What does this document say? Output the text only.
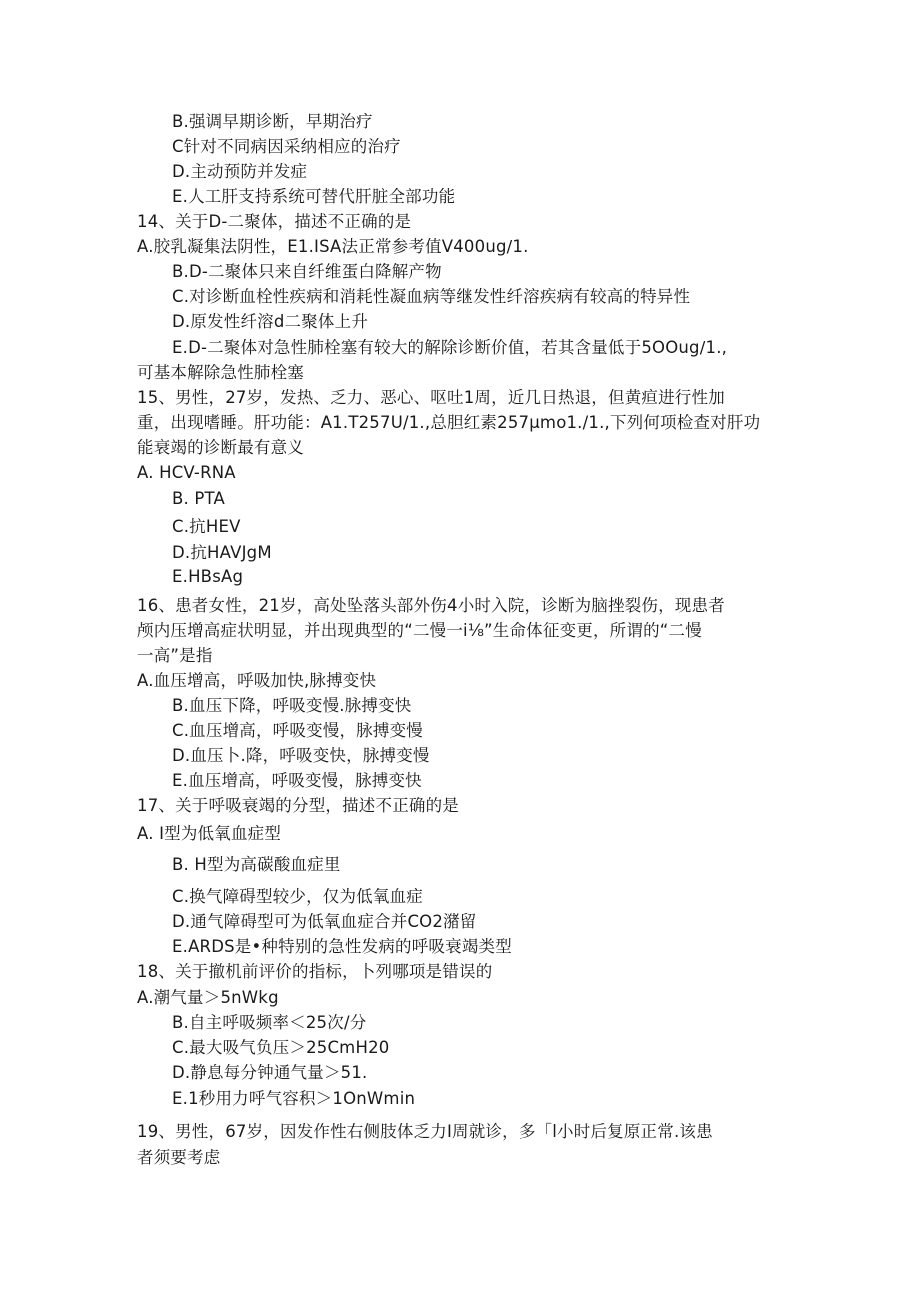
B.强调早期诊断，早期治疗
C针对不同病因采纳相应的治疗
D.主动预防并发症
E.人工肝支持系统可替代肝脏全部功能
14、关于D-二聚体，描述不正确的是
A.胶乳凝集法阴性，E1.ISA法正常参考值V400ug∕1.
B.D-二聚体只来自纤维蛋白降解产物
C.对诊断血栓性疾病和消耗性凝血病等继发性纤溶疾病有较高的特异性
D.原发性纤溶d二聚体上升
E.D-二聚体对急性肺栓塞有较大的解除诊断价值，若其含量低于5OOug∕1.,
可基本解除急性肺栓塞
15、男性，27岁，发热、乏力、恶心、呕吐1周，近几日热退，但黄疸进行性加
重，出现嗜睡。肝功能：A1.T257U/1.,总胆红素257μmo1./1.,下列何项检查对肝功
能衰竭的诊断最有意义
A. HCV-RNA
B. PTA
C.抗HEV
D.抗HAVJgM
E.HBsAg
16、患者女性，21岁，高处坠落头部外伤4小时入院，诊断为脑挫裂伤，现患者
颅内压增高症状明显，并出现典型的“二慢一i⅛”生命体征变更，所谓的“二慢
一高”是指
A.血压增高，呼吸加快,脉搏变快
B.血压下降，呼吸变慢.脉搏变快
C.血压增高，呼吸变慢，脉搏变慢
D.血压卜.降，呼吸变快，脉搏变慢
E.血压增高，呼吸变慢，脉搏变快
17、关于呼吸衰竭的分型，描述不正确的是
A. I型为低氧血症型
B. H型为高碳酸血症里
C.换气障碍型较少，仅为低氧血症
D.通气障碍型可为低氧血症合并CO2潴留
E.ARDS是•种特别的急性发病的呼吸衰竭类型
18、关于撤机前评价的指标，卜列哪项是错误的
A.潮气量＞5nWkg
B.自主呼吸频率＜25次/分
C.最大吸气负压＞25CmH20
D.静息每分钟通气量＞51.
E.1秒用力呼气容积＞1OnWmin
19、男性，67岁，因发作性右侧肢体乏力I周就诊，多「l小时后复原正常.该患
者须要考虑
